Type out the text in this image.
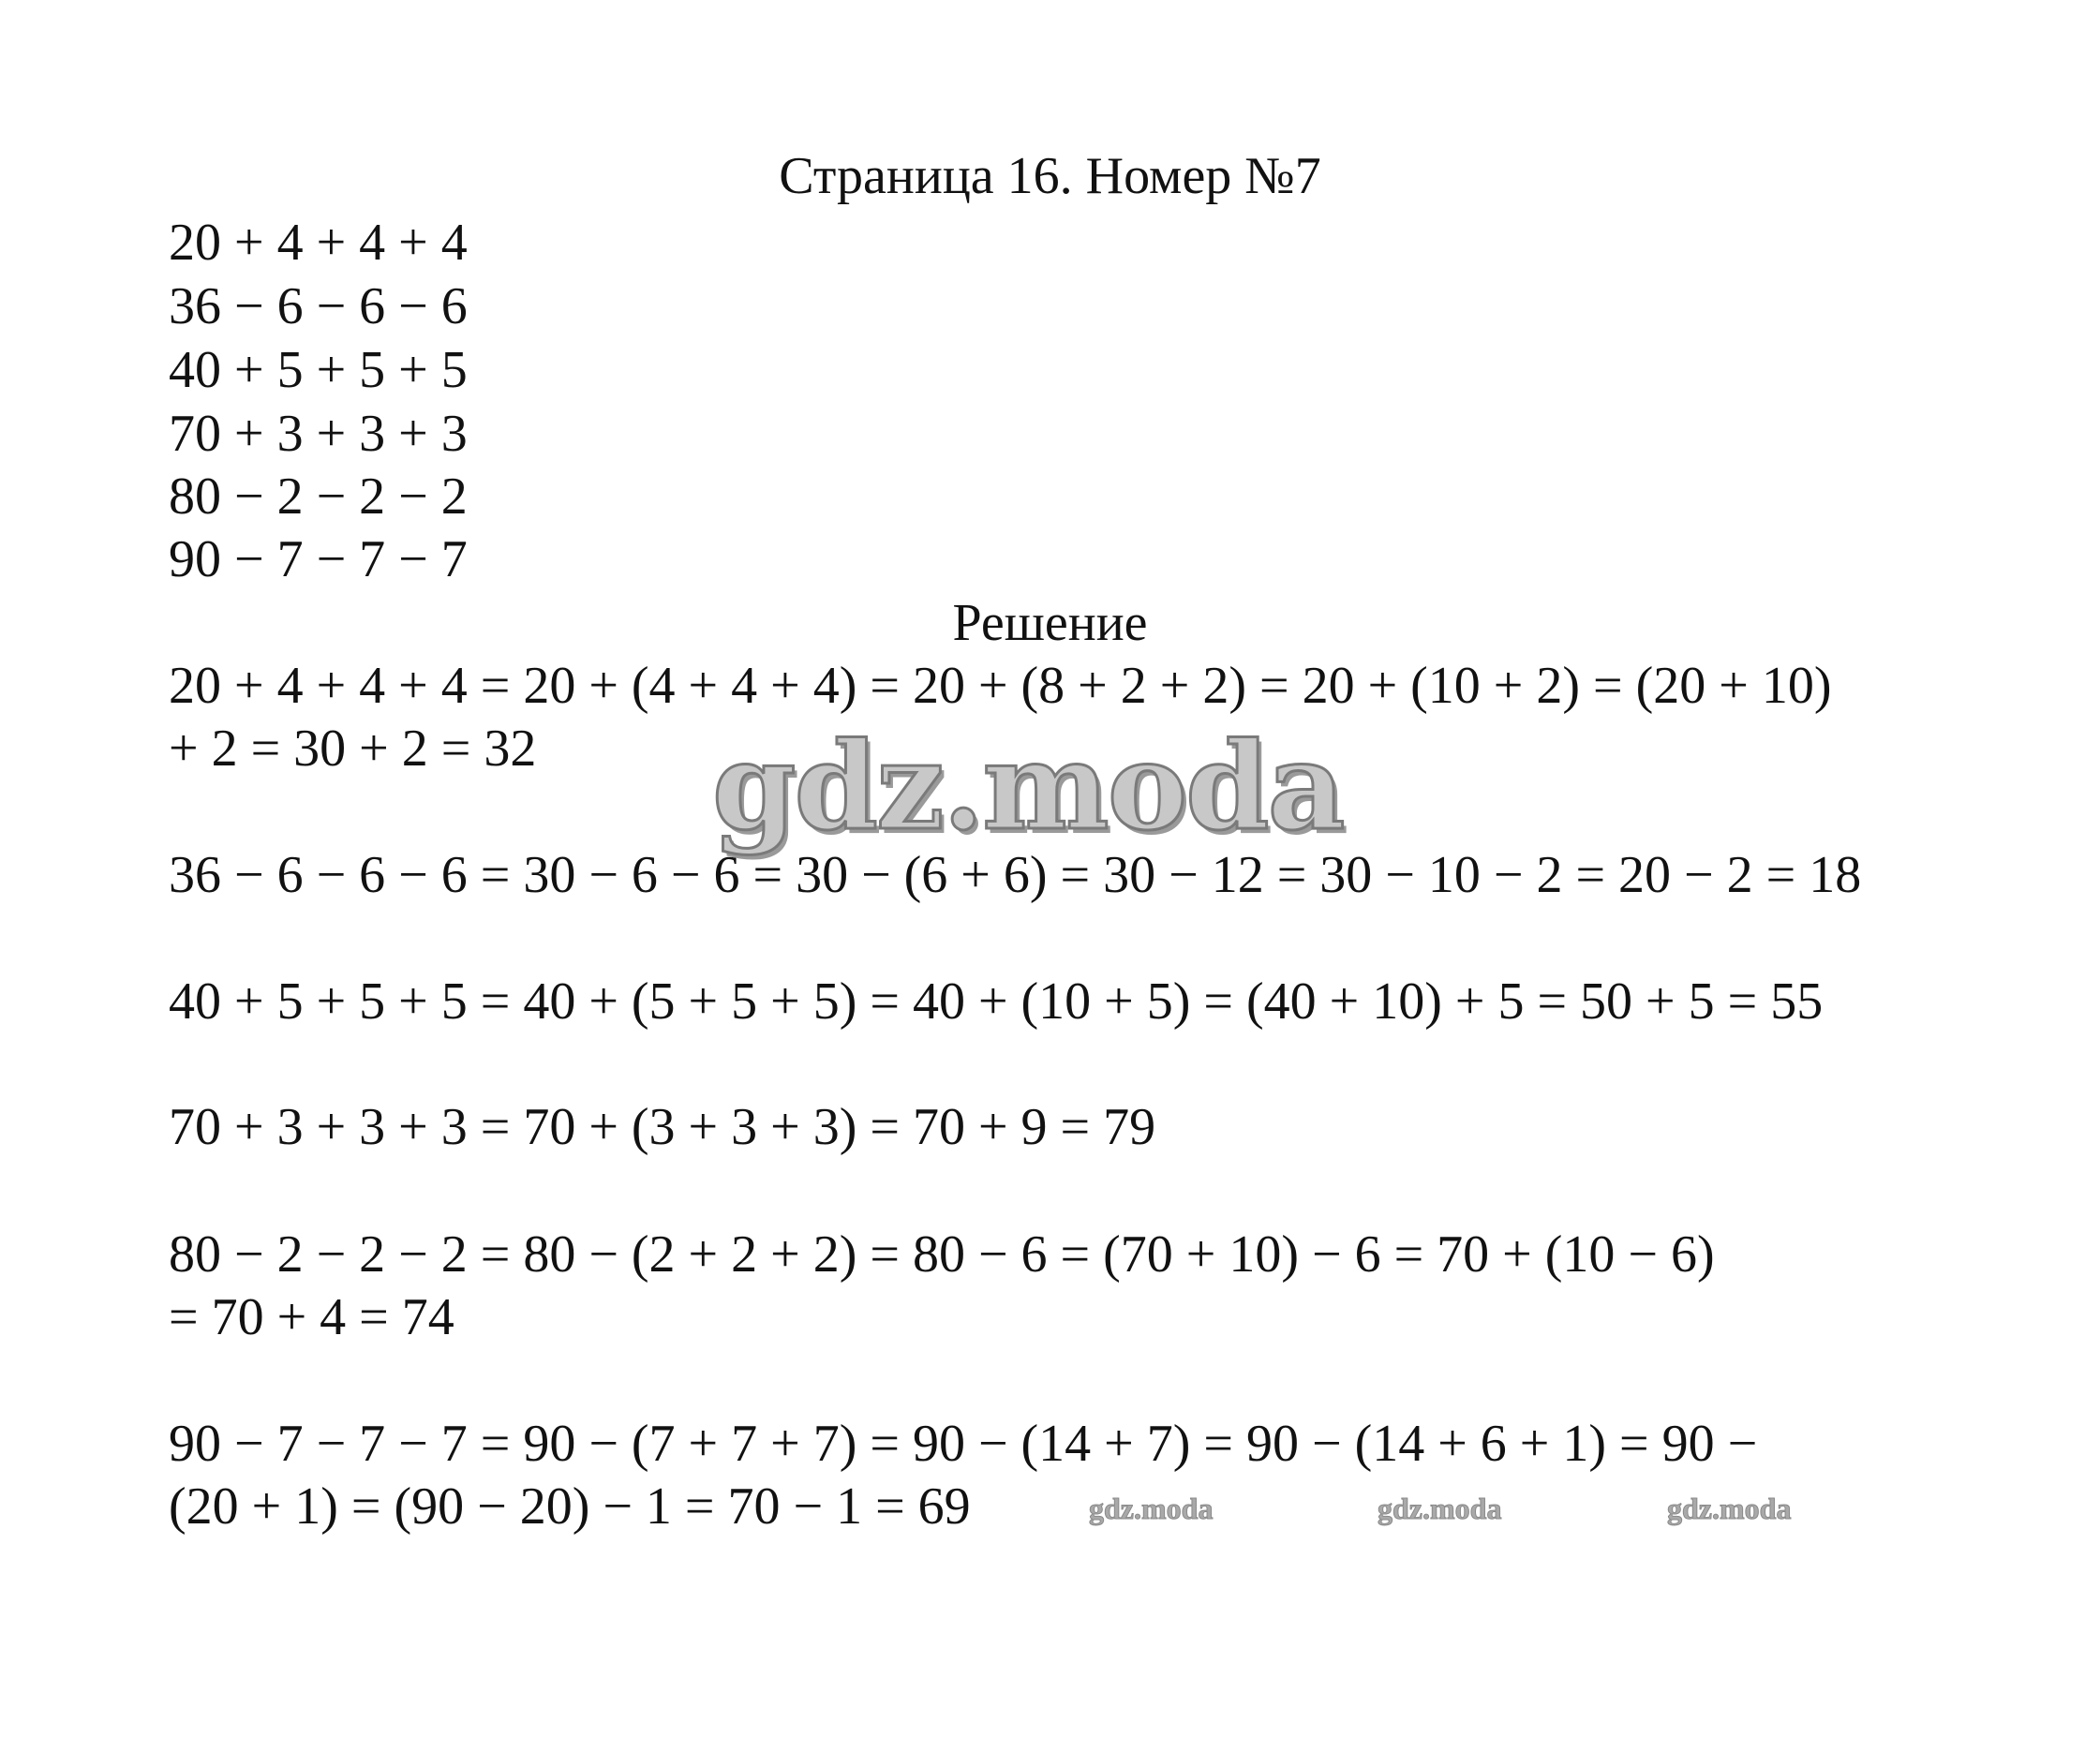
Страница 16. Номер №7
20 + 4 + 4 + 4
36 − 6 − 6 − 6
40 + 5 + 5 + 5
70 + 3 + 3 + 3
80 − 2 − 2 − 2
90 − 7 − 7 − 7
Решение
20 + 4 + 4 + 4 = 20 + (4 + 4 + 4) = 20 + (8 + 2 + 2) = 20 + (10 + 2) = (20 + 10)
+ 2 = 30 + 2 = 32
36 − 6 − 6 − 6 = 30 − 6 − 6 = 30 − (6 + 6) = 30 − 12 = 30 − 10 − 2 = 20 − 2 = 18
40 + 5 + 5 + 5 = 40 + (5 + 5 + 5) = 40 + (10 + 5) = (40 + 10) + 5 = 50 + 5 = 55
70 + 3 + 3 + 3 = 70 + (3 + 3 + 3) = 70 + 9 = 79
80 − 2 − 2 − 2 = 80 − (2 + 2 + 2) = 80 − 6 = (70 + 10) − 6 = 70 + (10 − 6)
= 70 + 4 = 74
90 − 7 − 7 − 7 = 90 − (7 + 7 + 7) = 90 − (14 + 7) = 90 − (14 + 6 + 1) = 90 −
(20 + 1) = (90 − 20) − 1 = 70 − 1 = 69
gdz.moda
gdz.moda	gdz.moda	gdz.moda
